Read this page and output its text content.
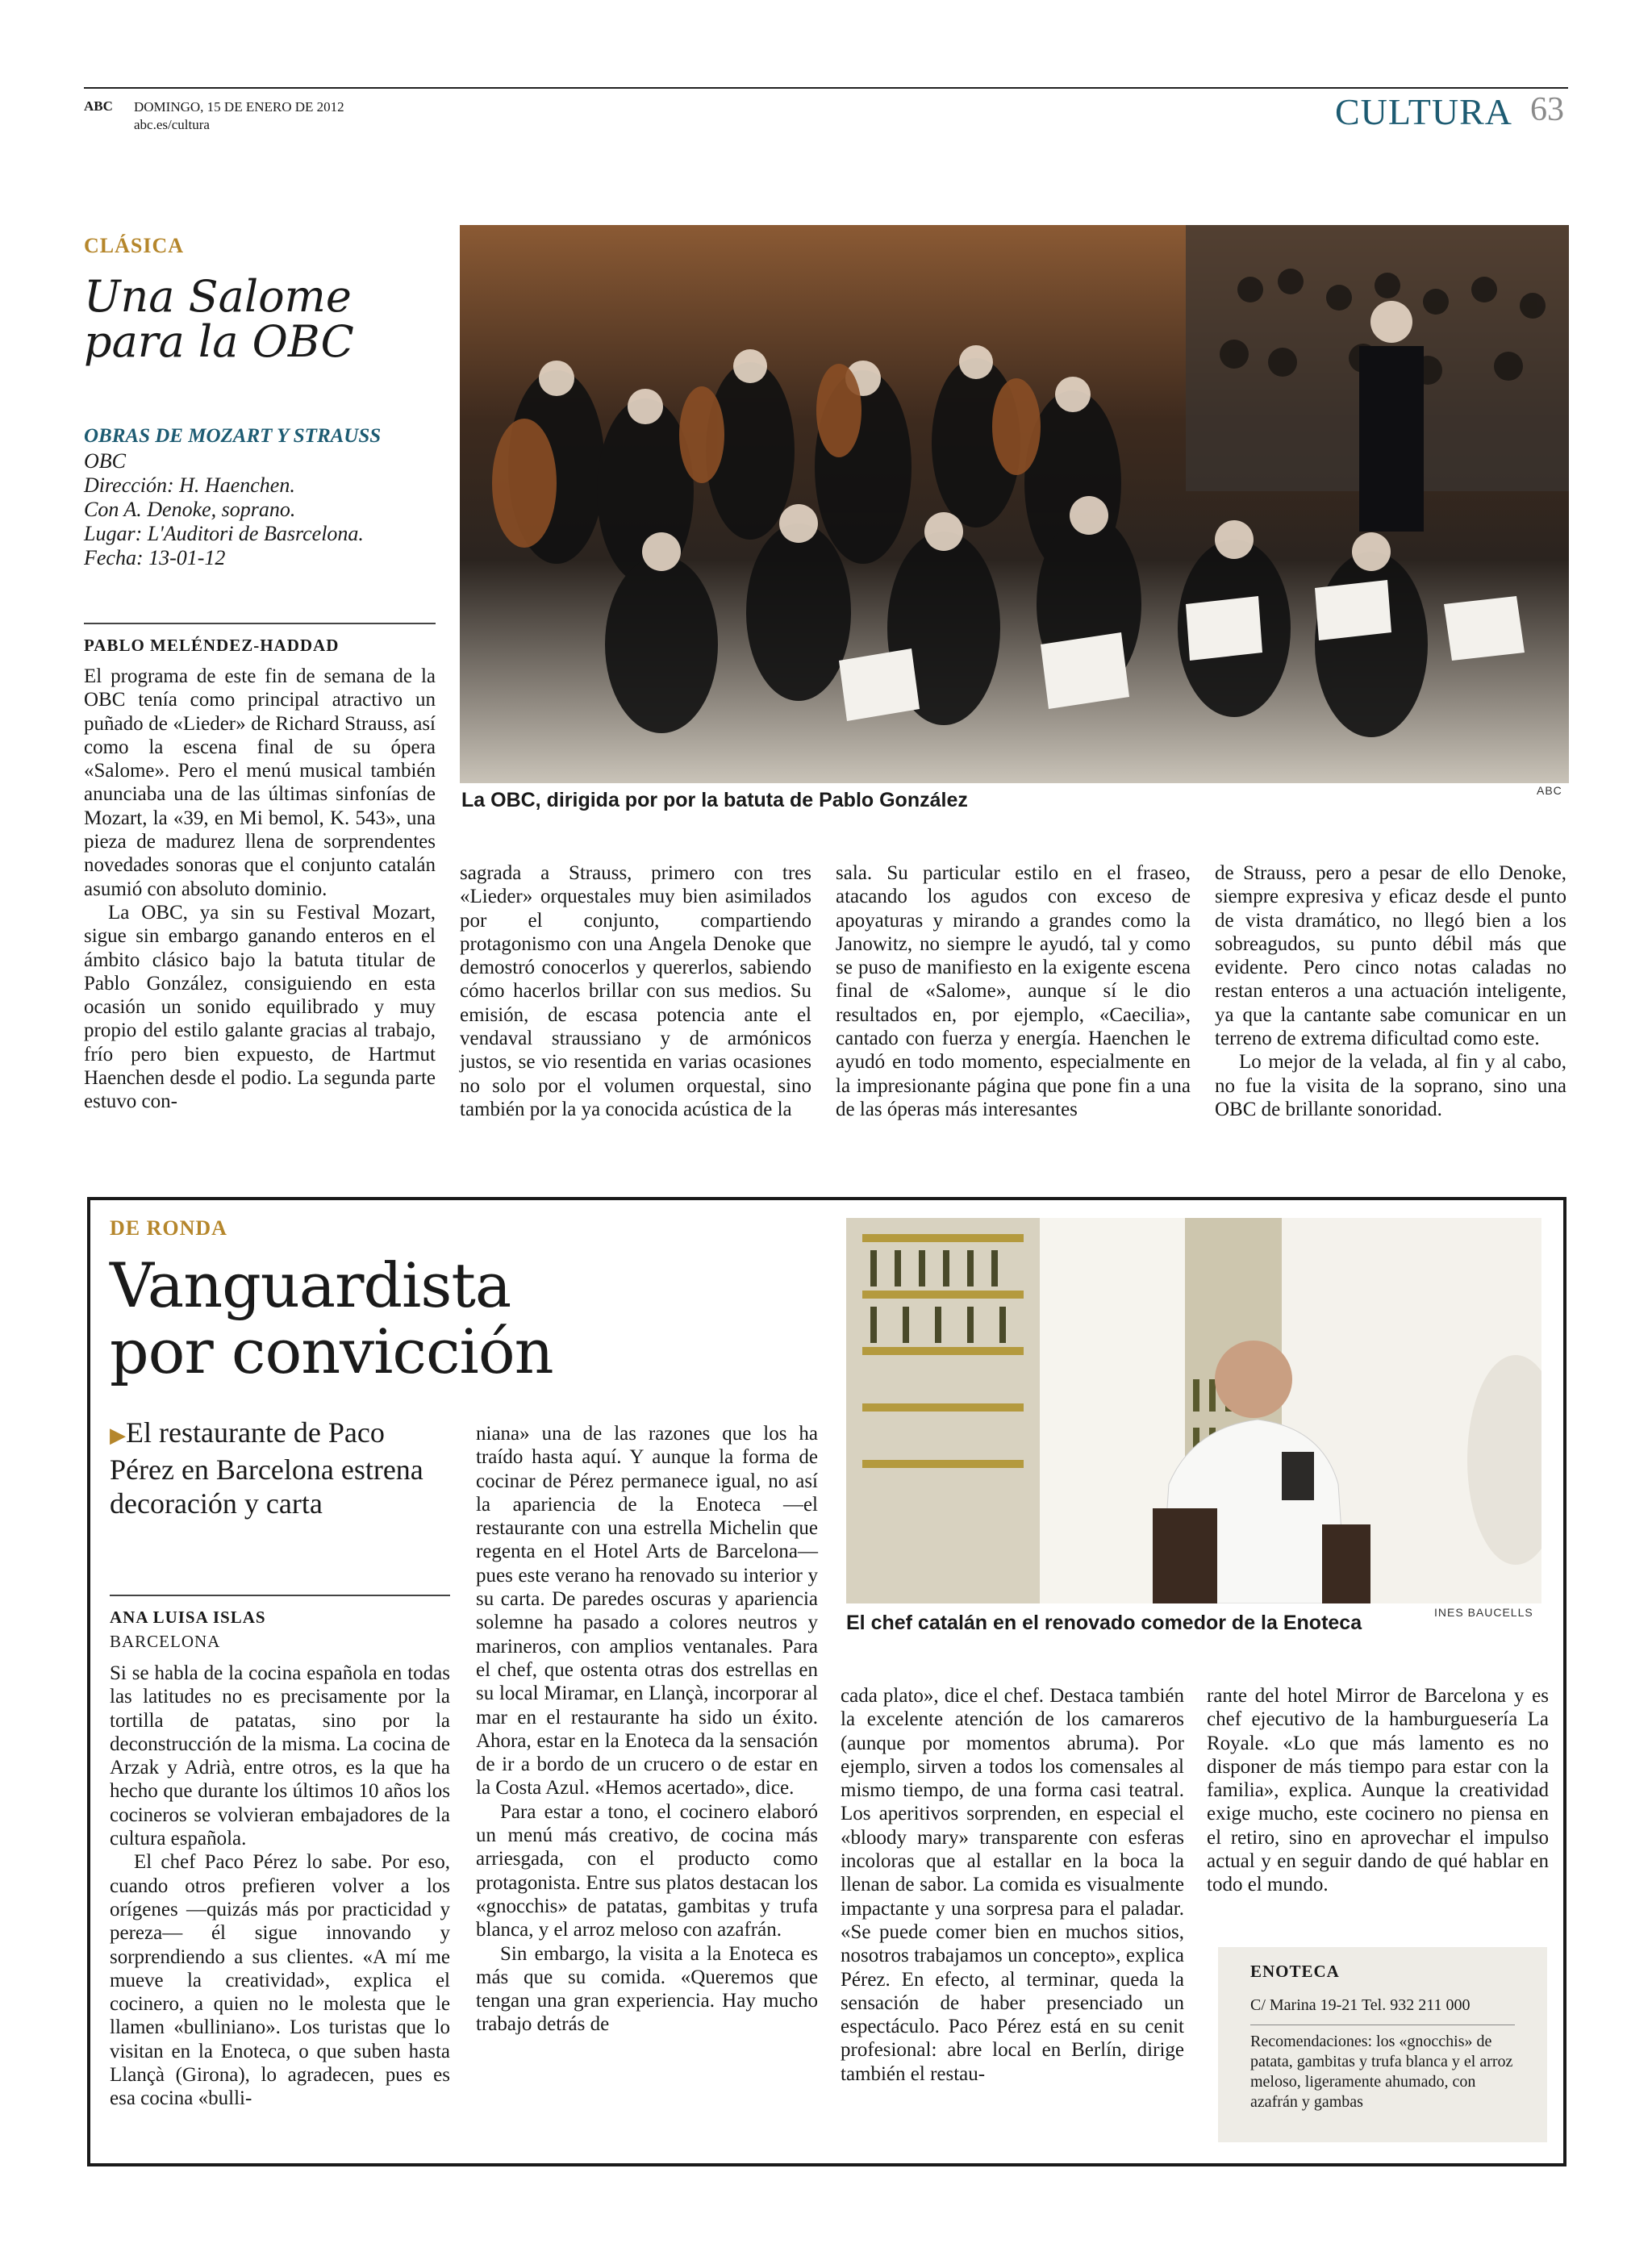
ABC DOMINGO, 15 DE ENERO DE 2012
abc.es/cultura	CULTURA 63
CLÁSICA
Una Salome
para la OBC
OBRAS DE MOZART Y STRAUSS
OBC
Dirección: H. Haenchen.
Con A. Denoke, soprano.
Lugar: L'Auditori de Basrcelona.
Fecha: 13-01-12
PABLO MELÉNDEZ-HADDAD

El programa de este fin de semana de la OBC tenía como principal atractivo un puñado de «Lieder» de Richard Strauss, así como la escena final de su ópera «Salome». Pero el menú musical también anunciaba una de las últimas sinfonías de Mozart, la «39, en Mi bemol, K. 543», una pieza de madurez llena de sorprendentes novedades sonoras que el conjunto catalán asumió con absoluto dominio.

La OBC, ya sin su Festival Mozart, sigue sin embargo ganando enteros en el ámbito clásico bajo la batuta titular de Pablo González, consiguiendo en esta ocasión un sonido equilibrado y muy propio del estilo galante gracias al trabajo, frío pero bien expuesto, de Hartmut Haenchen desde el podio. La segunda parte estuvo con-

La OBC, dirigida por por la batuta de Pablo González	ABC

sagrada a Strauss, primero con tres «Lieder» orquestales muy bien asimilados por el conjunto, compartiendo protagonismo con una Angela Denoke que demostró conocerlos y quererlos, sabiendo cómo hacerlos brillar con sus medios. Su emisión, de escasa potencia ante el vendaval straussiano y de armónicos justos, se vio resentida en varias ocasiones no solo por el volumen orquestal, sino también por la ya conocida acústica de la

sala. Su particular estilo en el fraseo, atacando los agudos con exceso de apoyaturas y mirando a grandes como la Janowitz, no siempre le ayudó, tal y como se puso de manifiesto en la exigente escena final de «Salome», aunque sí le dio resultados en, por ejemplo, «Caecilia», cantado con fuerza y energía. Haenchen le ayudó en todo momento, especialmente en la impresionante página que pone fin a una de las óperas más interesantes

de Strauss, pero a pesar de ello Denoke, siempre expresiva y eficaz desde el punto de vista dramático, no llegó bien a los sobreagudos, su punto débil más que evidente. Pero cinco notas caladas no restan enteros a una actuación inteligente, ya que la cantante sabe comunicar en un terreno de extrema dificultad como este.

Lo mejor de la velada, al fin y al cabo, no fue la visita de la soprano, sino una OBC de brillante sonoridad.

DE RONDA
Vanguardista
por convicción
▶El restaurante de Paco Pérez en Barcelona estrena decoración y carta
ANA LUISA ISLAS
BARCELONA

Si se habla de la cocina española en todas las latitudes no es precisamente por la tortilla de patatas, sino por la deconstrucción de la misma. La cocina de Arzak y Adrià, entre otros, es la que ha hecho que durante los últimos 10 años los cocineros se volvieran embajadores de la cultura española.

El chef Paco Pérez lo sabe. Por eso, cuando otros prefieren volver a los orígenes —quizás más por practicidad y pereza— él sigue innovando y sorprendiendo a sus clientes. «A mí me mueve la creatividad», explica el cocinero, a quien no le molesta que le llamen «bulliniano». Los turistas que lo visitan en la Enoteca, o que suben hasta Llançà (Girona), lo agradecen, pues es esa cocina «bulli-

niana» una de las razones que los ha traído hasta aquí. Y aunque la forma de cocinar de Pérez permanece igual, no así la apariencia de la Enoteca —el restaurante con una estrella Michelin que regenta en el Hotel Arts de Barcelona— pues este verano ha renovado su interior y su carta. De paredes oscuras y apariencia solemne ha pasado a colores neutros y marineros, con amplios ventanales. Para el chef, que ostenta otras dos estrellas en su local Miramar, en Llançà, incorporar al mar en el restaurante ha sido un éxito. Ahora, estar en la Enoteca da la sensación de ir a bordo de un crucero o de estar en la Costa Azul. «Hemos acertado», dice.

Para estar a tono, el cocinero elaboró un menú más creativo, de cocina más arriesgada, con el producto como protagonista. Entre sus platos destacan los «gnocchis» de patatas, gambitas y trufa blanca, y el arroz meloso con azafrán.

Sin embargo, la visita a la Enoteca es más que su comida. «Queremos que tengan una gran experiencia. Hay mucho trabajo detrás de

El chef catalán en el renovado comedor de la Enoteca	INES BAUCELLS

cada plato», dice el chef. Destaca también la excelente atención de los camareros (aunque por momentos abruma). Por ejemplo, sirven a todos los comensales al mismo tiempo, de una forma casi teatral. Los aperitivos sorprenden, en especial el «bloody mary» transparente con esferas incoloras que al estallar en la boca la llenan de sabor. La comida es visualmente impactante y una sorpresa para el paladar. «Se puede comer bien en muchos sitios, nosotros trabajamos un concepto», explica Pérez. En efecto, al terminar, queda la sensación de haber presenciado un espectáculo. Paco Pérez está en su cenit profesional: abre local en Berlín, dirige también el restau-

rante del hotel Mirror de Barcelona y es chef ejecutivo de la hamburguesería La Royale. «Lo que más lamento es no disponer de más tiempo para estar con la familia», explica. Aunque la creatividad exige mucho, este cocinero no piensa en el retiro, sino en aprovechar el impulso actual y en seguir dando de qué hablar en todo el mundo.

ENOTECA
C/ Marina 19-21 Tel. 932 211 000
Recomendaciones: los «gnocchis» de patata, gambitas y trufa blanca y el arroz meloso, ligeramente ahumado, con azafrán y gambas
